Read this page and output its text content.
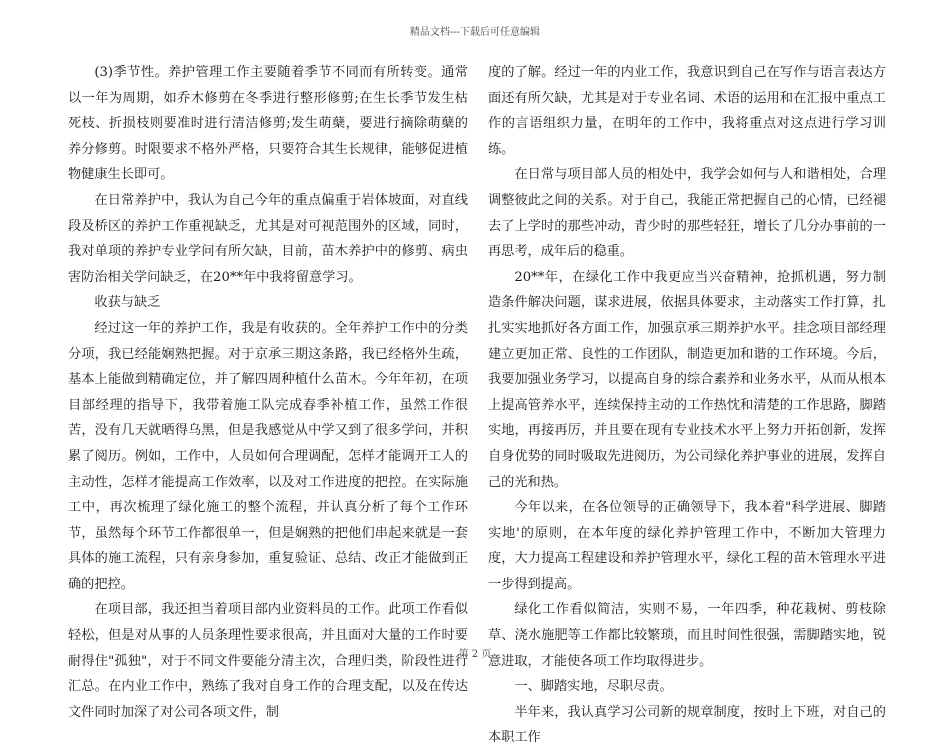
精品文档---下载后可任意编辑

(3)季节性。养护管理工作主要随着季节不同而有所转变。通常以一年为周期，如乔木修剪在冬季进行整形修剪;在生长季节发生枯死枝、折损枝则要准时进行清洁修剪;发生萌蘖，要进行摘除萌蘖的养分修剪。时限要求不格外严格，只要符合其生长规律，能够促进植物健康生长即可。

在日常养护中，我认为自己今年的重点偏重于岩体坡面，对直线段及桥区的养护工作重视缺乏，尤其是对可视范围外的区域，同时，我对单项的养护专业学问有所欠缺，目前，苗木养护中的修剪、病虫害防治相关学问缺乏，在20**年中我将留意学习。

收获与缺乏

经过这一年的养护工作，我是有收获的。全年养护工作中的分类分项，我已经能娴熟把握。对于京承三期这条路，我已经格外生疏，基本上能做到精确定位，并了解四周种植什么苗木。今年年初，在项目部经理的指导下，我带着施工队完成春季补植工作，虽然工作很苦，没有几天就晒得乌黑，但是我感觉从中学又到了很多学问，并积累了阅历。例如，工作中，人员如何合理调配，怎样才能调开工人的主动性，怎样才能提高工作效率，以及对工作进度的把控。在实际施工中，再次梳理了绿化施工的整个流程，并认真分析了每个工作环节，虽然每个环节工作都很单一，但是娴熟的把他们串起来就是一套具体的施工流程，只有亲身参加，重复验证、总结、改正才能做到正确的把控。

在项目部，我还担当着项目部内业资料员的工作。此项工作看似轻松，但是对从事的人员条理性要求很高，并且面对大量的工作时要耐得住"孤独"，对于不同文件要能分清主次，合理归类，阶段性进行汇总。在内业工作中，熟练了我对自身工作的合理支配，以及在传达文件同时加深了对公司各项文件，制

度的了解。经过一年的内业工作，我意识到自己在写作与语言表达方面还有所欠缺，尤其是对于专业名词、术语的运用和在汇报中重点工作的言语组织力量，在明年的工作中，我将重点对这点进行学习训练。

在日常与项目部人员的相处中，我学会如何与人和谐相处，合理调整彼此之间的关系。对于自己，我能正常把握自己的心情，已经褪去了上学时的那些冲动，青少时的那些轻狂，增长了几分办事前的一再思考，成年后的稳重。

20**年，在绿化工作中我更应当兴奋精神，抢抓机遇，努力制造条件解决问题，谋求进展，依据具体要求，主动落实工作打算，扎扎实实地抓好各方面工作，加强京承三期养护水平。挂念项目部经理建立更加正常、良性的工作团队，制造更加和谐的工作环境。今后，我要加强业务学习，以提高自身的综合素养和业务水平，从而从根本上提高管养水平，连续保持主动的工作热忱和清楚的工作思路，脚踏实地，再接再厉，并且要在现有专业技术水平上努力开拓创新，发挥自身优势的同时吸取先进阅历，为公司绿化养护事业的进展，发挥自己的光和热。

今年以来，在各位领导的正确领导下，我本着"科学进展、脚踏实地'的原则，在本年度的绿化养护管理工作中，不断加大管理力度，大力提高工程建设和养护管理水平，绿化工程的苗木管理水平进一步得到提高。

绿化工作看似简洁，实则不易，一年四季，种花栽树、剪枝除草、浇水施肥等工作都比较繁琐，而且时间性很强，需脚踏实地，锐意进取，才能使各项工作均取得进步。

一、脚踏实地，尽职尽责。

半年来，我认真学习公司新的规章制度，按时上下班，对自己的本职工作

第 2 页
